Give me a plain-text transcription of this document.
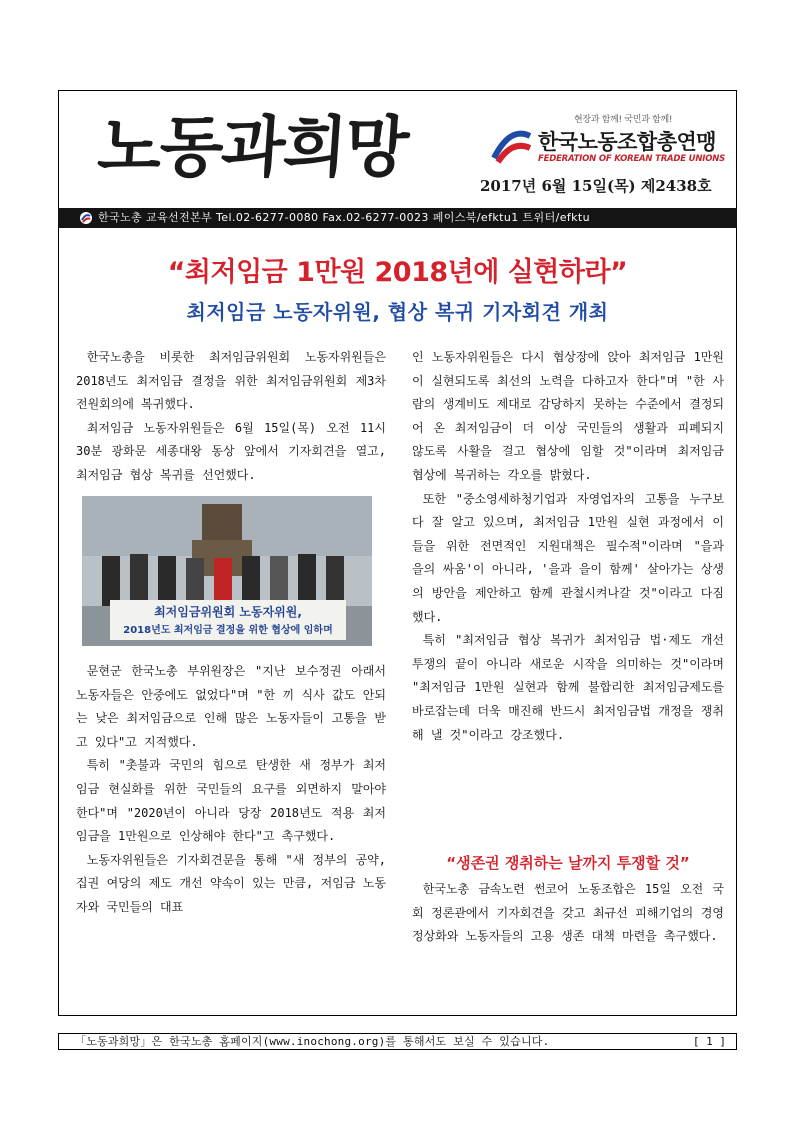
노동과희망	현장과 함께! 국민과 함께!
한국노동조합총연맹
FEDERATION OF KOREAN TRADE UNIONS
2017년 6월 15일(목) 제2438호
한국노총 교육선전본부 Tel.02-6277-0080 Fax.02-6277-0023 페이스북/efktu1 트위터/efktu
“최저임금 1만원 2018년에 실현하라”
최저임금 노동자위원, 협상 복귀 기자회견 개최

한국노총을 비롯한 최저임금위원회 노동자위원들은 2018년도 최저임금 결정을 위한 최저임금위원회 제3차 전원회의에 복귀했다.

최저임금 노동자위원들은 6월 15일(목) 오전 11시 30분 광화문 세종대왕 동상 앞에서 기자회견을 열고, 최저임금 협상 복귀를 선언했다.

최저임금위원회 노동자위원,
2018년도 최저임금 결정을 위한 협상에 임하며

문현군 한국노총 부위원장은 "지난 보수정권 아래서 노동자들은 안중에도 없었다"며 "한 끼 식사 값도 안되는 낮은 최저임금으로 인해 많은 노동자들이 고통을 받고 있다"고 지적했다.

특히 "촛불과 국민의 힘으로 탄생한 새 정부가 최저임금 현실화를 위한 국민들의 요구를 외면하지 말아야 한다"며 "2020년이 아니라 당장 2018년도 적용 최저임금을 1만원으로 인상해야 한다"고 촉구했다.

노동자위원들은 기자회견문을 통해 "새 정부의 공약, 집권 여당의 제도 개선 약속이 있는 만큼, 저임금 노동자와 국민들의 대표

인 노동자위원들은 다시 협상장에 앉아 최저임금 1만원이 실현되도록 최선의 노력을 다하고자 한다"며 "한 사람의 생계비도 제대로 감당하지 못하는 수준에서 결정되어 온 최저임금이 더 이상 국민들의 생활과 피폐되지 않도록 사활을 걸고 협상에 임할 것"이라며 최저임금 협상에 복귀하는 각오를 밝혔다.

또한 "중소영세하청기업과 자영업자의 고통을 누구보다 잘 알고 있으며, 최저임금 1만원 실현 과정에서 이들을 위한 전면적인 지원대책은 필수적"이라며 "을과 을의 싸움'이 아니라, '을과 을이 함께' 살아가는 상생의 방안을 제안하고 함께 관철시켜나갈 것"이라고 다짐했다.

특히 "최저임금 협상 복귀가 최저임금 법·제도 개선 투쟁의 끝이 아니라 새로운 시작을 의미하는 것"이라며 "최저임금 1만원 실현과 함께 불합리한 최저임금제도를 바로잡는데 더욱 매진해 반드시 최저임금법 개정을 쟁취해 낼 것"이라고 강조했다.

“생존권 쟁취하는 날까지 투쟁할 것”

한국노총 금속노련 썬코어 노동조합은 15일 오전 국회 정론관에서 기자회견을 갖고 최규선 피해기업의 경영정상화와 노동자들의 고용 생존 대책 마련을 촉구했다.

「노동과희망」은 한국노총 홈페이지(www.inochong.org)를 통해서도 보실 수 있습니다.	[ 1 ]
